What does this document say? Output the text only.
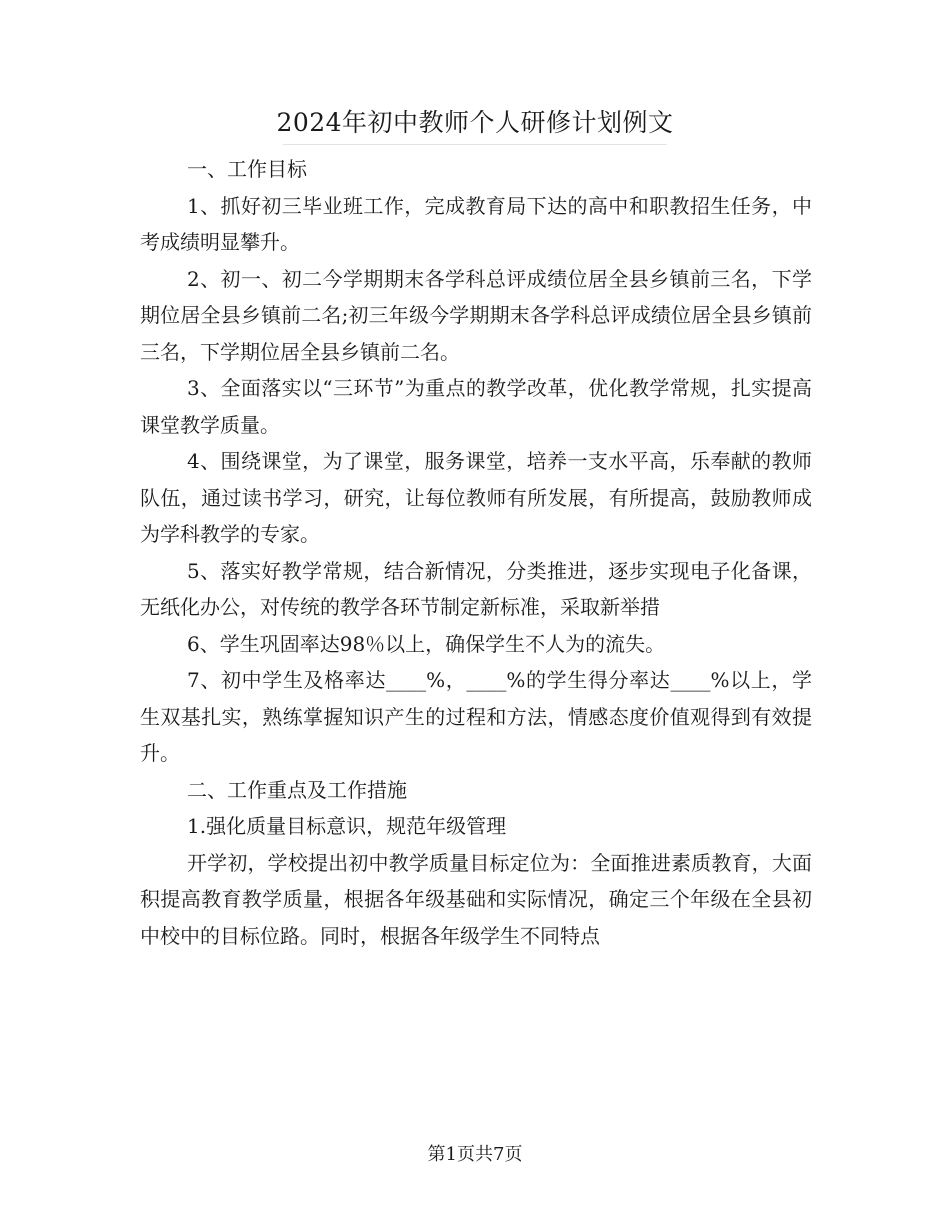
2024年初中教师个人研修计划例文

一、工作目标

1、抓好初三毕业班工作，完成教育局下达的高中和职教招生任务，中考成绩明显攀升。

2、初一、初二今学期期末各学科总评成绩位居全县乡镇前三名，下学期位居全县乡镇前二名;初三年级今学期期末各学科总评成绩位居全县乡镇前三名，下学期位居全县乡镇前二名。

3、全面落实以“三环节”为重点的教学改革，优化教学常规，扎实提高课堂教学质量。

4、围绕课堂，为了课堂，服务课堂，培养一支水平高，乐奉献的教师队伍，通过读书学习，研究，让每位教师有所发展，有所提高，鼓励教师成为学科教学的专家。

5、落实好教学常规，结合新情况，分类推进，逐步实现电子化备课，无纸化办公，对传统的教学各环节制定新标准，采取新举措

6、学生巩固率达98％以上，确保学生不人为的流失。

7、初中学生及格率达____%，____%的学生得分率达____%以上，学生双基扎实，熟练掌握知识产生的过程和方法，情感态度价值观得到有效提升。

二、工作重点及工作措施

1.强化质量目标意识，规范年级管理

开学初，学校提出初中教学质量目标定位为：全面推进素质教育，大面积提高教育教学质量，根据各年级基础和实际情况，确定三个年级在全县初中校中的目标位路。同时，根据各年级学生不同特点

第1页共7页
